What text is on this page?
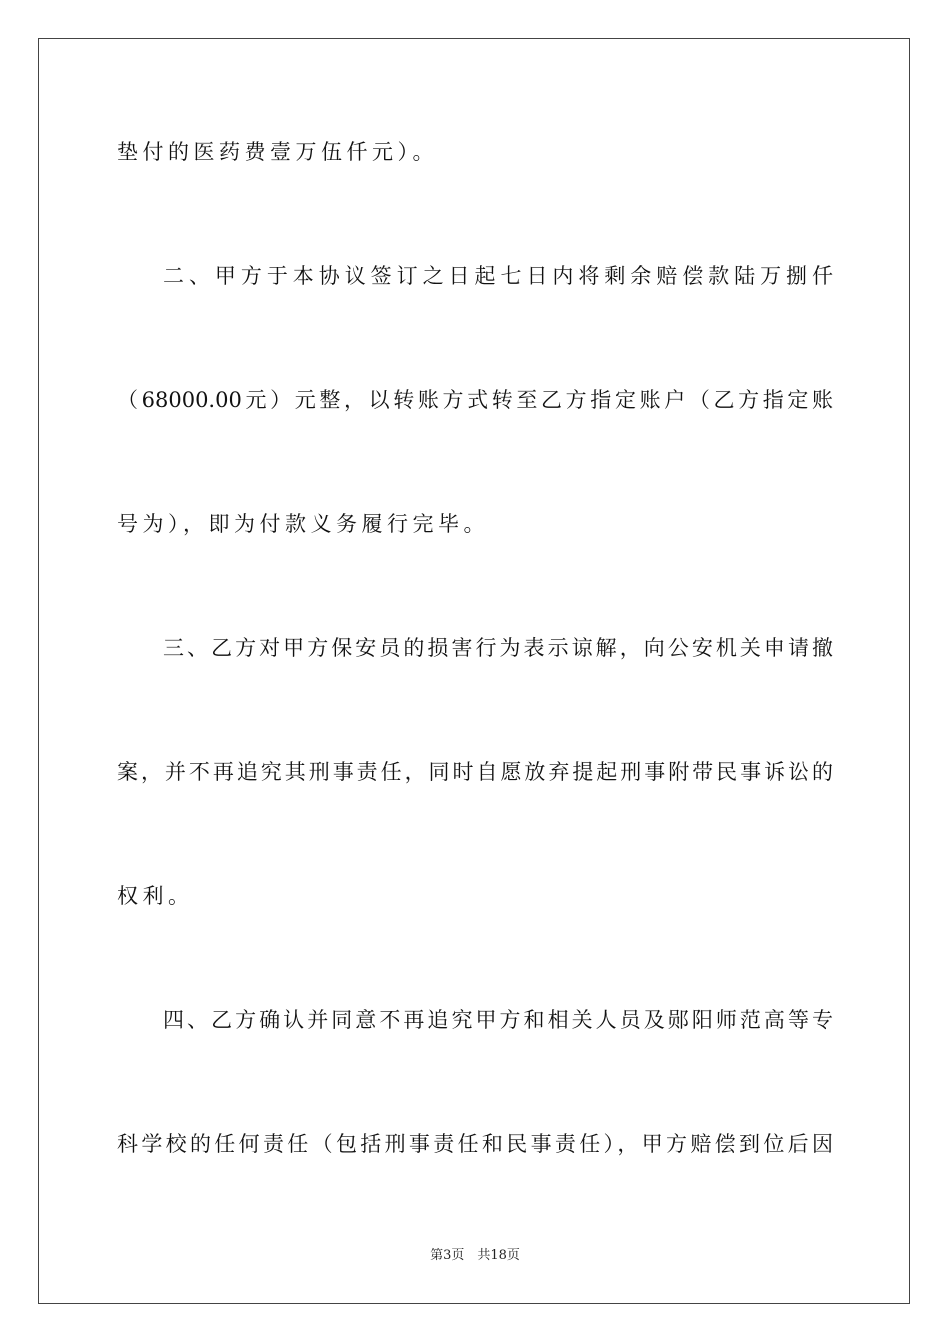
垫付的医药费壹万伍仟元）。
二、甲方于本协议签订之日起七日内将剩余赔偿款陆万捌仟
（68000.00元）元整，以转账方式转至乙方指定账户（乙方指定账
号为），即为付款义务履行完毕。
三、乙方对甲方保安员的损害行为表示谅解，向公安机关申请撤
案，并不再追究其刑事责任，同时自愿放弃提起刑事附带民事诉讼的
权利。
四、乙方确认并同意不再追究甲方和相关人员及郧阳师范高等专
科学校的任何责任（包括刑事责任和民事责任），甲方赔偿到位后因
第3页　共18页
